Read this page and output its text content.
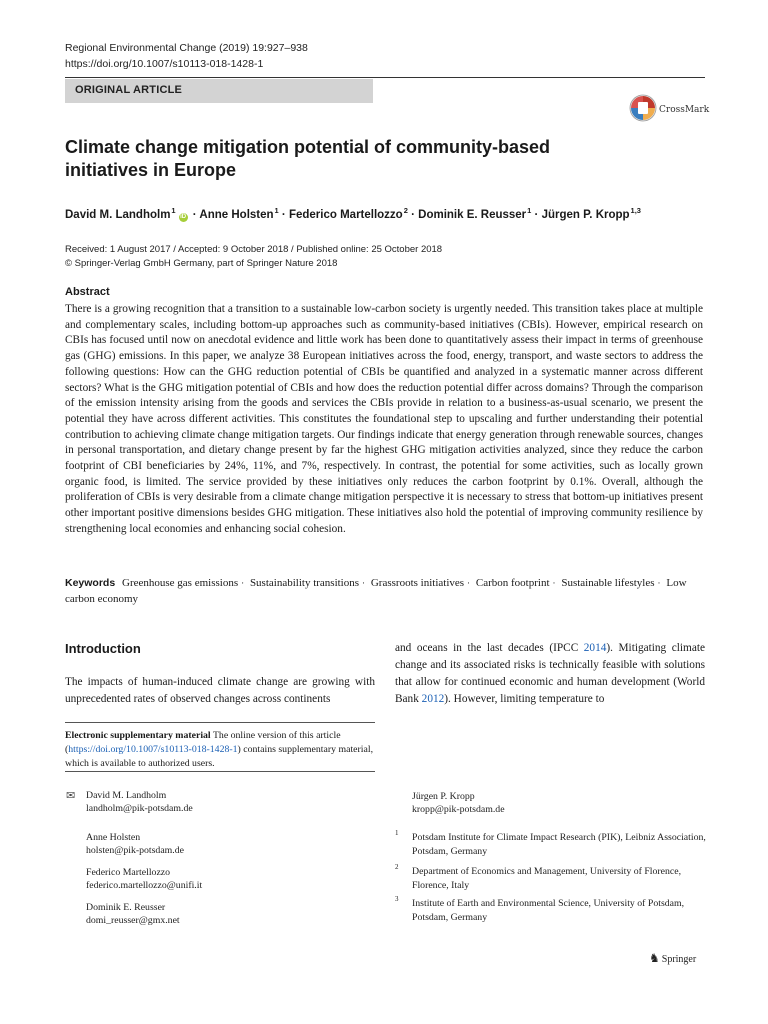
Regional Environmental Change (2019) 19:927–938
https://doi.org/10.1007/s10113-018-1428-1
ORIGINAL ARTICLE
CrossMark
Climate change mitigation potential of community-based
initiatives in Europe
David M. Landholm$^1$iD · Anne Holsten$^1$ · Federico Martellozzo$^2$ · Dominik E. Reusser$^1$ · Jürgen P. Kropp$^{1,3}$
Received: 1 August 2017 / Accepted: 9 October 2018 / Published online: 25 October 2018
© Springer-Verlag GmbH Germany, part of Springer Nature 2018
Abstract

There is a growing recognition that a transition to a sustainable low-carbon society is urgently needed. This transition takes place at multiple and complementary scales, including bottom-up approaches such as community-based initiatives (CBIs). However, empirical research on CBIs has focused until now on anecdotal evidence and little work has been done to quantitatively assess their impact in terms of greenhouse gas (GHG) emissions. In this paper, we analyze 38 European initiatives across the food, energy, transport, and waste sectors to address the following questions: How can the GHG reduction potential of CBIs be quantified and analyzed in a systematic manner across different sectors? What is the GHG mitigation potential of CBIs and how does the reduction potential differ across domains? Through the comparison of the emission intensity arising from the goods and services the CBIs provide in relation to a business-as-usual scenario, we present the potential they have across different activities. This constitutes the foundational step to upscaling and further understanding their potential contribution to achieving climate change mitigation targets. Our findings indicate that energy generation through renewable sources, changes in personal transportation, and dietary change present by far the highest GHG mitigation activities analyzed, since they reduce the carbon footprint of CBI beneficiaries by 24%, 11%, and 7%, respectively. In contrast, the potential for some activities, such as locally grown organic food, is limited. The service provided by these initiatives only reduces the carbon footprint by 0.1%. Overall, although the proliferation of CBIs is very desirable from a climate change mitigation perspective it is necessary to stress that bottom-up initiatives present other important positive dimensions besides GHG mitigation. These initiatives also hold the potential of improving community resilience by strengthening local economies and enhancing social cohesion.

Keywords Greenhouse gas emissions · Sustainability transitions · Grassroots initiatives · Carbon footprint · Sustainable lifestyles · Low carbon economy
Introduction

The impacts of human-induced climate change are growing with unprecedented rates of observed changes across continents

and oceans in the last decades (IPCC 2014). Mitigating climate change and its associated risks is technically feasible with solutions that allow for continued economic and human development (World Bank 2012). However, limiting temperature to

Electronic supplementary material The online version of this article (https://doi.org/10.1007/s10113-018-1428-1) contains supplementary material, which is available to authorized users.
✉ David M. Landholm
landholm@pik-potsdam.de
Anne Holsten
holsten@pik-potsdam.de
Federico Martellozzo
federico.martellozzo@unifi.it
Dominik E. Reusser
domi_reusser@gmx.net
Jürgen P. Kropp
kropp@pik-potsdam.de
1 Potsdam Institute for Climate Impact Research (PIK), Leibniz Association, Potsdam, Germany
2 Department of Economics and Management, University of Florence, Florence, Italy
3 Institute of Earth and Environmental Science, University of Potsdam, Potsdam, Germany
♞ Springer
